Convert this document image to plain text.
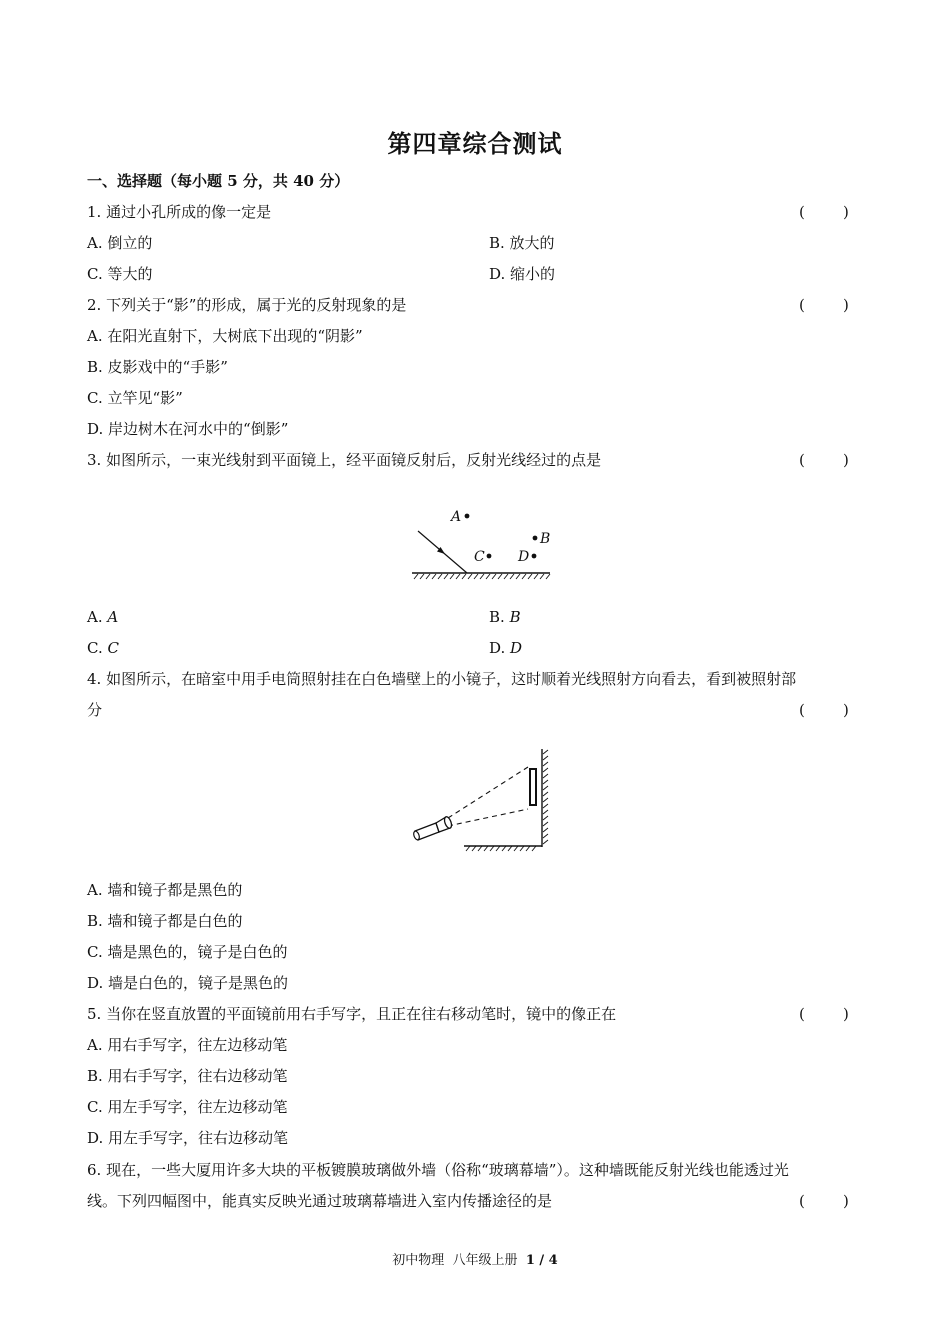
第四章综合测试
一、选择题（每小题 5 分，共 40 分）
1. 通过小孔所成的像一定是	(        )
A. 倒立的	B. 放大的
C. 等大的	D. 缩小的
2. 下列关于“影”的形成，属于光的反射现象的是	(        )
A. 在阳光直射下，大树底下出现的“阴影”
B. 皮影戏中的“手影”
C. 立竿见“影”
D. 岸边树木在河水中的“倒影”
3. 如图所示，一束光线射到平面镜上，经平面镜反射后，反射光线经过的点是	(        )
A
B
C D
A. A	B. B
C. C	D. D
4. 如图所示，在暗室中用手电筒照射挂在白色墙壁上的小镜子，这时顺着光线照射方向看去，看到被照射部
分	(        )
A. 墙和镜子都是黑色的
B. 墙和镜子都是白色的
C. 墙是黑色的，镜子是白色的
D. 墙是白色的，镜子是黑色的
5. 当你在竖直放置的平面镜前用右手写字，且正在往右移动笔时，镜中的像正在	(        )
A. 用右手写字，往左边移动笔
B. 用右手写字，往右边移动笔
C. 用左手写字，往左边移动笔
D. 用左手写字，往右边移动笔
6. 现在，一些大厦用许多大块的平板镀膜玻璃做外墙（俗称“玻璃幕墙”）。这种墙既能反射光线也能透过光
线。下列四幅图中，能真实反映光通过玻璃幕墙进入室内传播途径的是	(        )
初中物理  八年级上册  1 / 4
